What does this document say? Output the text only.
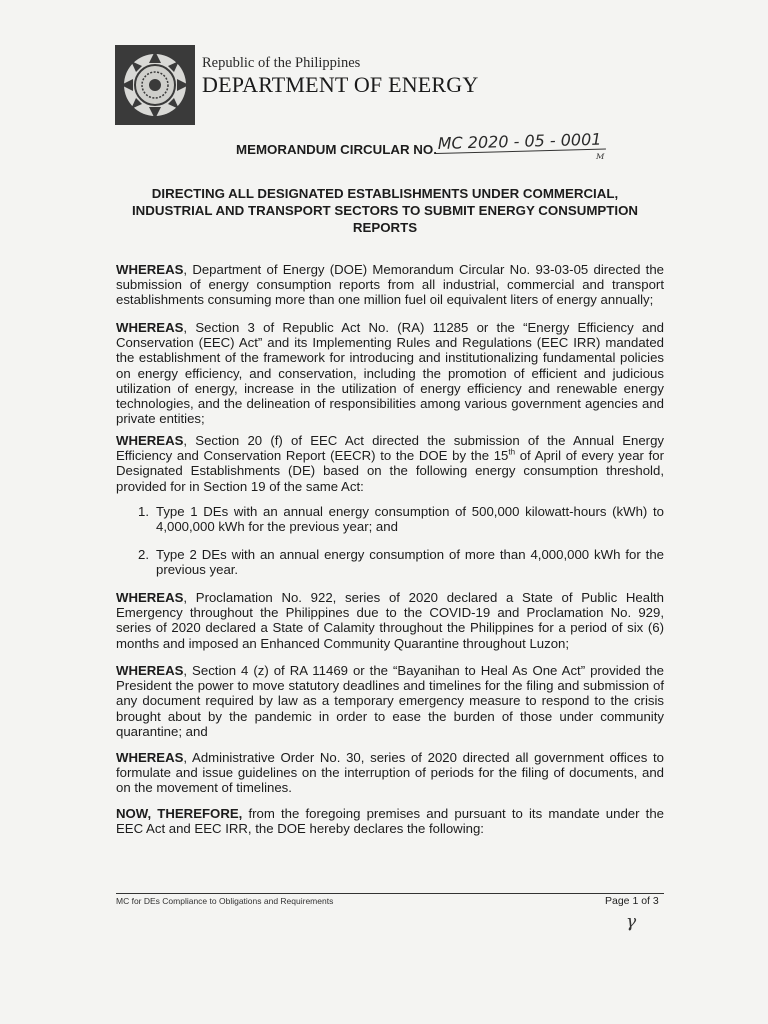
Republic of the Philippines
DEPARTMENT OF ENERGY
MEMORANDUM CIRCULAR NO. MC 2020 - 05 - 0001
ᴹ
DIRECTING ALL DESIGNATED ESTABLISHMENTS UNDER COMMERCIAL, INDUSTRIAL AND TRANSPORT SECTORS TO SUBMIT ENERGY CONSUMPTION REPORTS
WHEREAS, Department of Energy (DOE) Memorandum Circular No. 93-03-05 directed the submission of energy consumption reports from all industrial, commercial and transport establishments consuming more than one million fuel oil equivalent liters of energy annually;
WHEREAS, Section 3 of Republic Act No. (RA) 11285 or the “Energy Efficiency and Conservation (EEC) Act” and its Implementing Rules and Regulations (EEC IRR) mandated the establishment of the framework for introducing and institutionalizing fundamental policies on energy efficiency, and conservation, including the promotion of efficient and judicious utilization of energy, increase in the utilization of energy efficiency and renewable energy technologies, and the delineation of responsibilities among various government agencies and private entities;
WHEREAS, Section 20 (f) of EEC Act directed the submission of the Annual Energy Efficiency and Conservation Report (EECR) to the DOE by the 15th of April of every year for Designated Establishments (DE) based on the following energy consumption threshold, provided for in Section 19 of the same Act:
1. Type 1 DEs with an annual energy consumption of 500,000 kilowatt-hours (kWh) to 4,000,000 kWh for the previous year; and
2. Type 2 DEs with an annual energy consumption of more than 4,000,000 kWh for the previous year.
WHEREAS, Proclamation No. 922, series of 2020 declared a State of Public Health Emergency throughout the Philippines due to the COVID-19 and Proclamation No. 929, series of 2020 declared a State of Calamity throughout the Philippines for a period of six (6) months and imposed an Enhanced Community Quarantine throughout Luzon;
WHEREAS, Section 4 (z) of RA 11469 or the “Bayanihan to Heal As One Act” provided the President the power to move statutory deadlines and timelines for the filing and submission of any document required by law as a temporary emergency measure to respond to the crisis brought about by the pandemic in order to ease the burden of those under community quarantine; and
WHEREAS, Administrative Order No. 30, series of 2020 directed all government offices to formulate and issue guidelines on the interruption of periods for the filing of documents, and on the movement of timelines.
NOW, THEREFORE, from the foregoing premises and pursuant to its mandate under the EEC Act and EEC IRR, the DOE hereby declares the following:
MC for DEs Compliance to Obligations and Requirements	Page 1 of 3
γ
